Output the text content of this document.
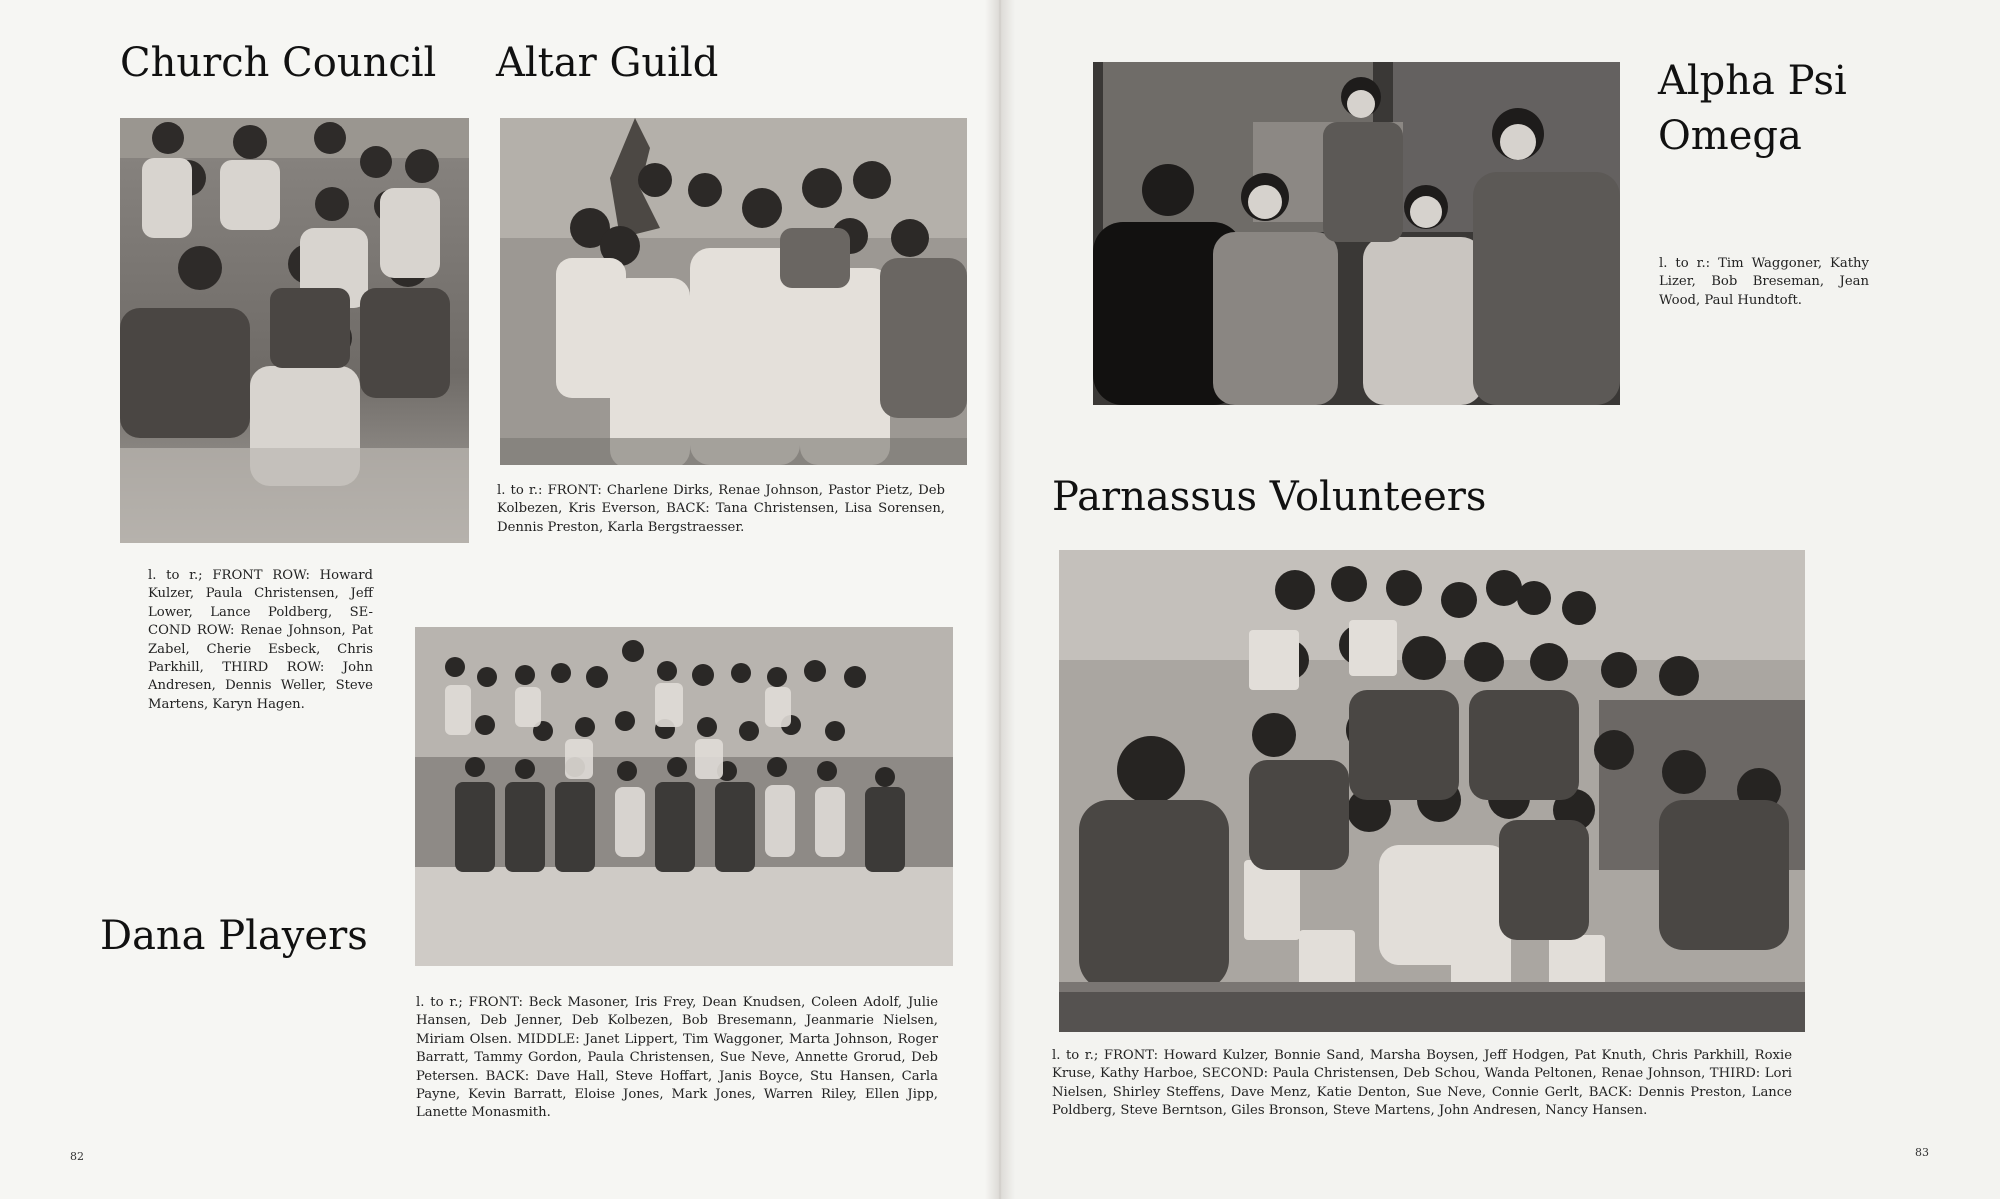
Church Council Altar Guild	Alpha Psi Omega
Dana Players
Parnassus Volunteers
l. to r.; FRONT ROW: Howard Kulzer, Paula Christensen, Jeff Lower, Lance Poldberg, SE-COND ROW: Renae Johnson, Pat Zabel, Cherie Esbeck, Chris Parkhill, THIRD ROW: John Andresen, Dennis Weller, Steve Martens, Karyn Hagen.
l. to r.: FRONT: Charlene Dirks, Renae Johnson, Pastor Pietz, Deb Kolbezen, Kris Everson, BACK: Tana Christensen, Lisa Sorensen, Dennis Preston, Karla Bergstraesser.
l. to r.: Tim Waggoner, Kathy Lizer, Bob Breseman, Jean Wood, Paul Hundtoft.
l. to r.; FRONT: Beck Masoner, Iris Frey, Dean Knudsen, Coleen Adolf, Julie Hansen, Deb Jenner, Deb Kolbezen, Bob Bresemann, Jeanmarie Nielsen, Miriam Olsen. MIDDLE: Janet Lippert, Tim Waggoner, Marta Johnson, Roger Barratt, Tammy Gordon, Paula Christensen, Sue Neve, Annette Grorud, Deb Petersen. BACK: Dave Hall, Steve Hoffart, Janis Boyce, Stu Hansen, Carla Payne, Kevin Barratt, Eloise Jones, Mark Jones, Warren Riley, Ellen Jipp, Lanette Monasmith.
l. to r.; FRONT: Howard Kulzer, Bonnie Sand, Marsha Boysen, Jeff Hodgen, Pat Knuth, Chris Parkhill, Roxie Kruse, Kathy Harboe, SECOND: Paula Christensen, Deb Schou, Wanda Peltonen, Renae Johnson, THIRD: Lori Nielsen, Shirley Steffens, Dave Menz, Katie Denton, Sue Neve, Connie Gerlt, BACK: Dennis Preston, Lance Poldberg, Steve Berntson, Giles Bronson, Steve Martens, John Andresen, Nancy Hansen.
82	83
